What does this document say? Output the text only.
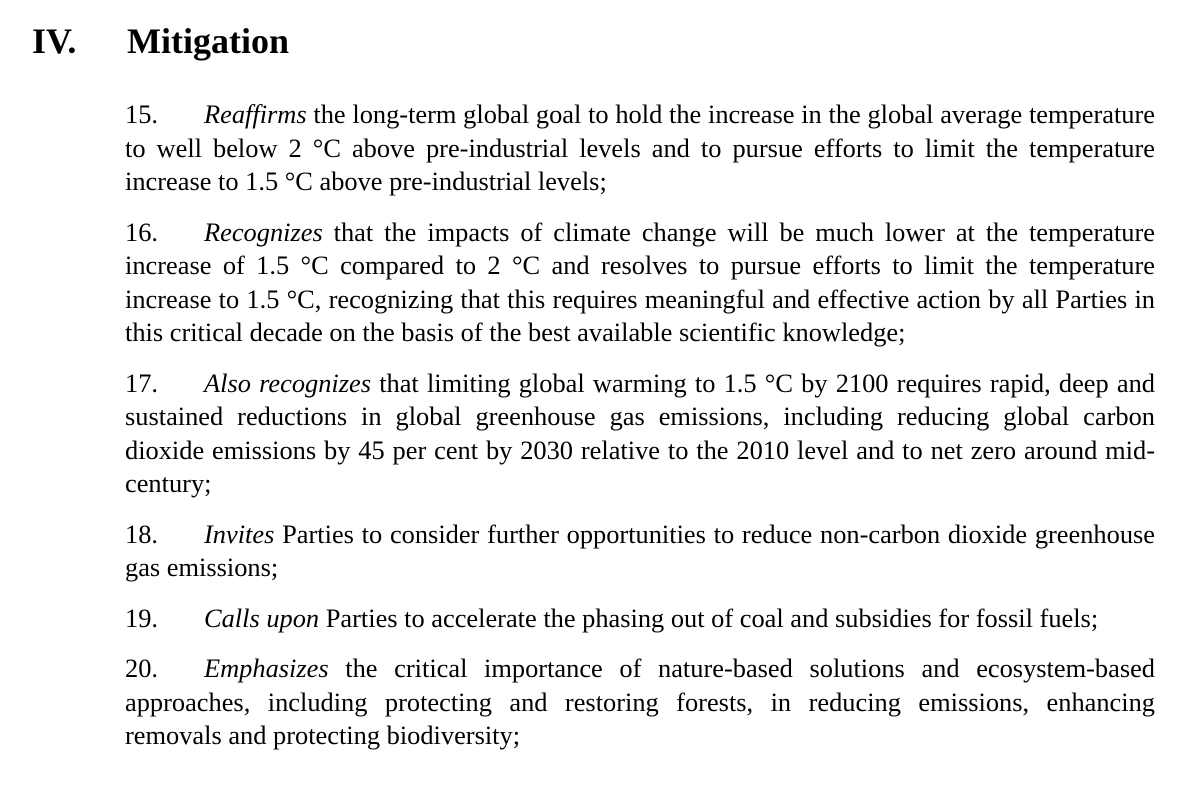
IV. Mitigation

15. Reaffirms the long-term global goal to hold the increase in the global average temperature to well below 2 °C above pre-industrial levels and to pursue efforts to limit the temperature increase to 1.5 °C above pre-industrial levels;

16. Recognizes that the impacts of climate change will be much lower at the temperature increase of 1.5 °C compared to 2 °C and resolves to pursue efforts to limit the temperature increase to 1.5 °C, recognizing that this requires meaningful and effective action by all Parties in this critical decade on the basis of the best available scientific knowledge;

17. Also recognizes that limiting global warming to 1.5 °C by 2100 requires rapid, deep and sustained reductions in global greenhouse gas emissions, including reducing global carbon dioxide emissions by 45 per cent by 2030 relative to the 2010 level and to net zero around mid-century;

18. Invites Parties to consider further opportunities to reduce non-carbon dioxide greenhouse gas emissions;

19. Calls upon Parties to accelerate the phasing out of coal and subsidies for fossil fuels;

20. Emphasizes the critical importance of nature-based solutions and ecosystem-based approaches, including protecting and restoring forests, in reducing emissions, enhancing removals and protecting biodiversity;
